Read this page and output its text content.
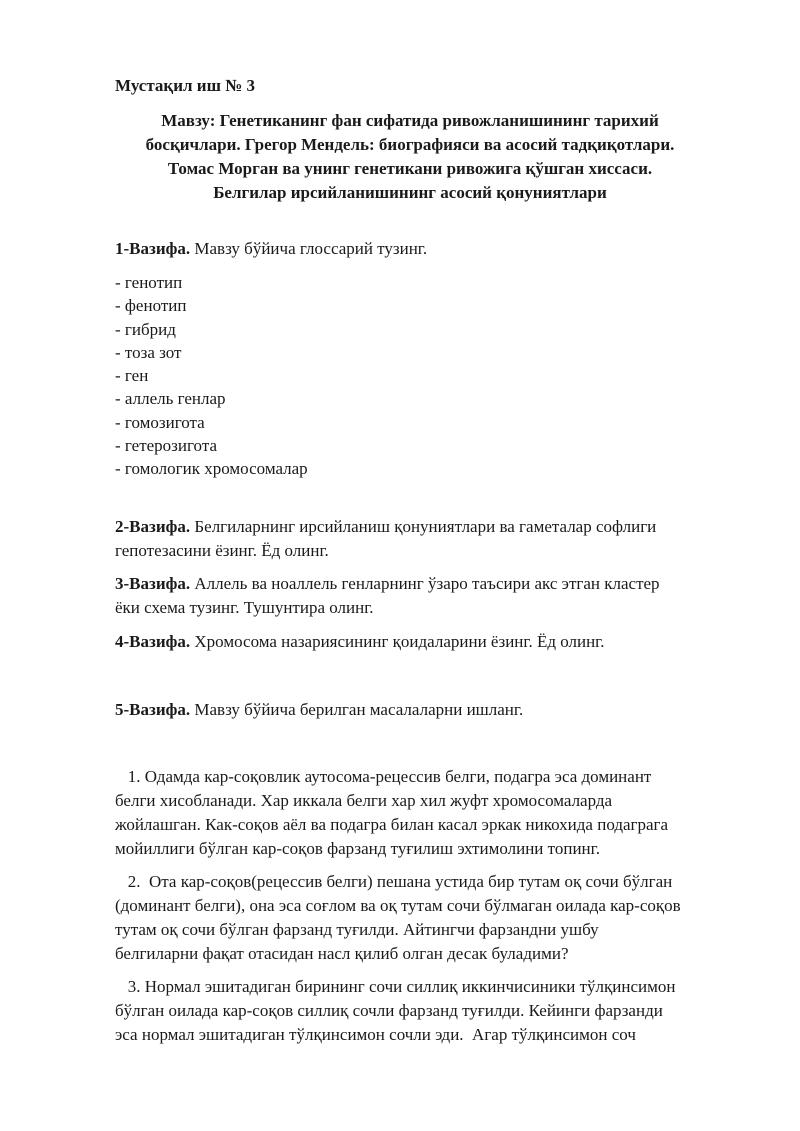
Мустақил иш № 3
Мавзу: Генетиканинг фан сифатида ривожланишининг тарихий
босқичлари. Грегор Мендель: биографияси ва асосий тадқиқотлари.
Томас Морган ва унинг генетикани ривожига қўшган хиссаси.
Белгилар ирсийланишининг асосий қонуниятлари
1-Вазифа. Мавзу бўйича глоссарий тузинг.
- генотип
- фенотип
- гибрид
- тоза зот
- ген
- аллель генлар
- гомозигота
- гетерозигота
- гомологик хромосомалар
2-Вазифа. Белгиларнинг ирсийланиш қонуниятлари ва гаметалар софлиги
гепотезасини ёзинг. Ёд олинг.
3-Вазифа. Аллель ва ноаллель генларнинг ўзаро таъсири акс этган кластер
ёки схема тузинг. Тушунтира олинг.
4-Вазифа. Хромосома назариясининг қоидаларини ёзинг. Ёд олинг.
5-Вазифа. Мавзу бўйича берилган масалаларни ишланг.
1. Одамда кар-соқовлик аутосома-рецессив белги, подагра эса доминант
белги хисобланади. Хар иккала белги хар хил жуфт хромосомаларда
жойлашган. Как-соқов аёл ва подагра билан касал эркак никохида подаграга
мойиллиги бўлган кар-соқов фарзанд туғилиш эхтимолини топинг.
2.  Ота кар-соқов(рецессив белги) пешана устида бир тутам оқ сочи бўлган
(доминант белги), она эса соғлом ва оқ тутам сочи бўлмаган оилада кар-соқов
тутам оқ сочи бўлган фарзанд туғилди. Айтингчи фарзандни ушбу
белгиларни фақат отасидан насл қилиб олган десак буладими?
3. Нормал эшитадиган бирининг сочи силлиқ иккинчисиники тўлқинсимон
бўлган оилада кар-соқов силлиқ сочли фарзанд туғилди. Кейинги фарзанди
эса нормал эшитадиган тўлқинсимон сочли эди.  Агар тўлқинсимон соч
